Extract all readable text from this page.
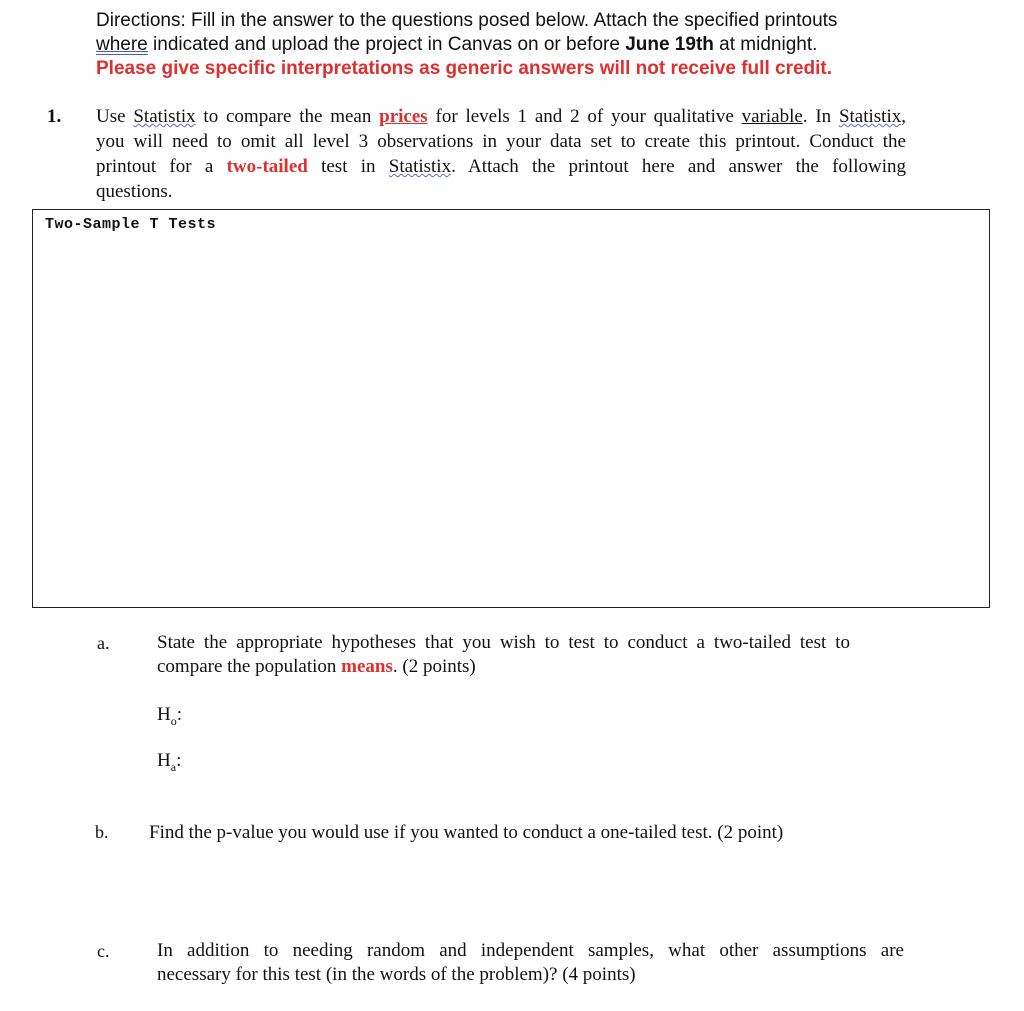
Directions: Fill in the answer to the questions posed below. Attach the specified printouts
where indicated and upload the project in Canvas on or before June 19th at midnight.
Please give specific interpretations as generic answers will not receive full credit.
1. Use Statistix to compare the mean prices for levels 1 and 2 of your qualitative variable. In Statistix,
you will need to omit all level 3 observations in your data set to create this printout. Conduct the
printout for a two-tailed test in Statistix. Attach the printout here and answer the following
questions.
Two-Sample T Tests
a.	State the appropriate hypotheses that you wish to test to conduct a two-tailed test to
compare the population means. (2 points)
$H_o$:
$H_a$:
b. Find the p-value you would use if you wanted to conduct a one-tailed test. (2 point)
c.	In addition to needing random and independent samples, what other assumptions are
necessary for this test (in the words of the problem)? (4 points)
